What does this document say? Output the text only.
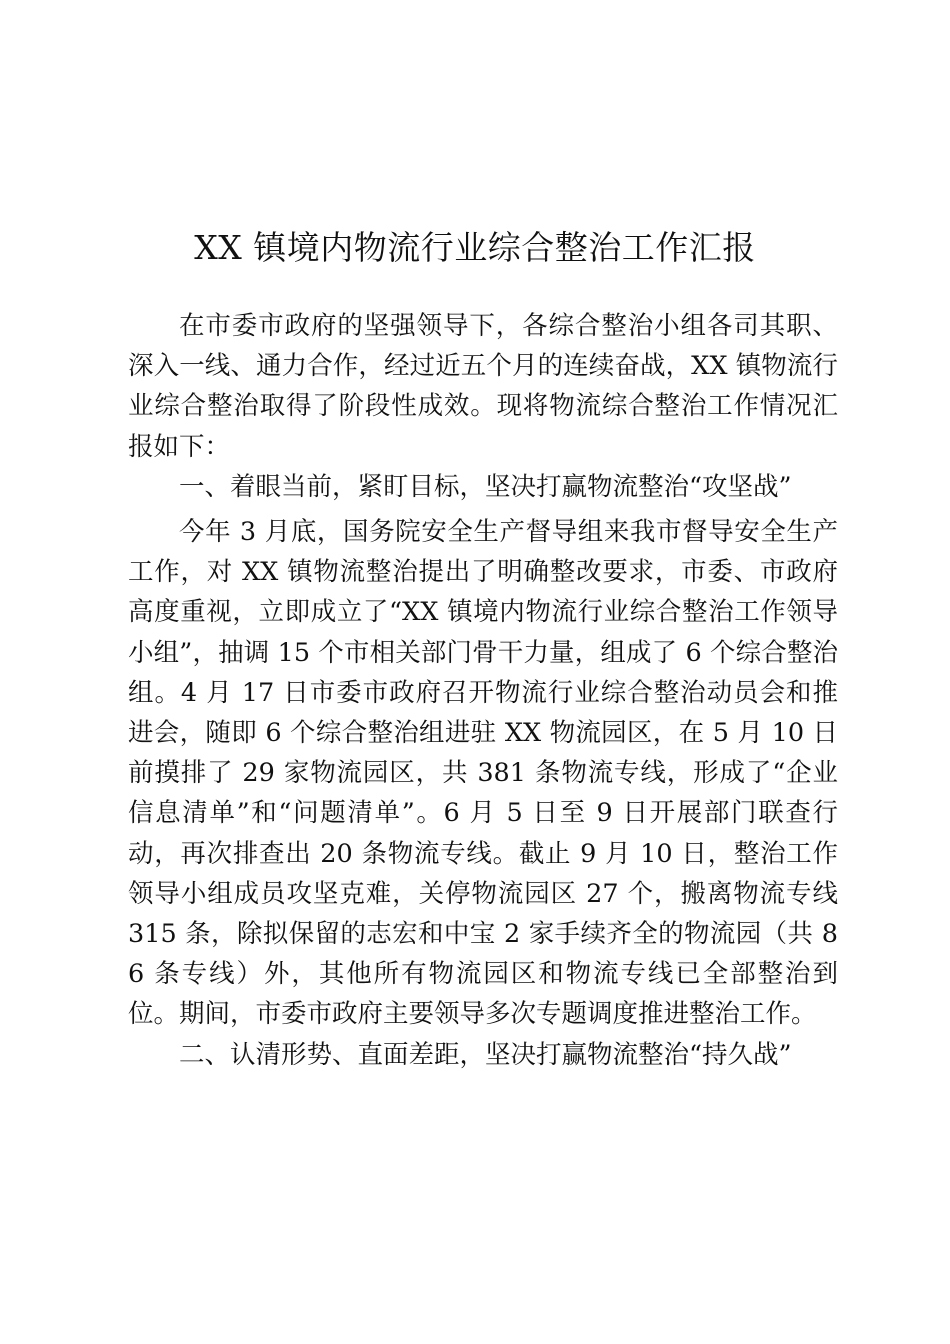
XX 镇境内物流行业综合整治工作汇报

在市委市政府的坚强领导下，各综合整治小组各司其职、深入一线、通力合作，经过近五个月的连续奋战，XX 镇物流行业综合整治取得了阶段性成效。现将物流综合整治工作情况汇报如下：

一、着眼当前，紧盯目标，坚决打赢物流整治“攻坚战”

今年 3 月底，国务院安全生产督导组来我市督导安全生产工作，对 XX 镇物流整治提出了明确整改要求，市委、市政府高度重视，立即成立了“XX 镇境内物流行业综合整治工作领导小组”，抽调 15 个市相关部门骨干力量，组成了 6 个综合整治组。4 月 17 日市委市政府召开物流行业综合整治动员会和推进会，随即 6 个综合整治组进驻 XX 物流园区，在 5 月 10 日前摸排了 29 家物流园区，共 381 条物流专线，形成了“企业信息清单”和“问题清单”。6 月 5 日至 9 日开展部门联查行动，再次排查出 20 条物流专线。截止 9 月 10 日，整治工作领导小组成员攻坚克难，关停物流园区 27 个，搬离物流专线 315 条，除拟保留的志宏和中宝 2 家手续齐全的物流园（共 86 条专线）外，其他所有物流园区和物流专线已全部整治到位。期间，市委市政府主要领导多次专题调度推进整治工作。

二、认清形势、直面差距，坚决打赢物流整治“持久战”
